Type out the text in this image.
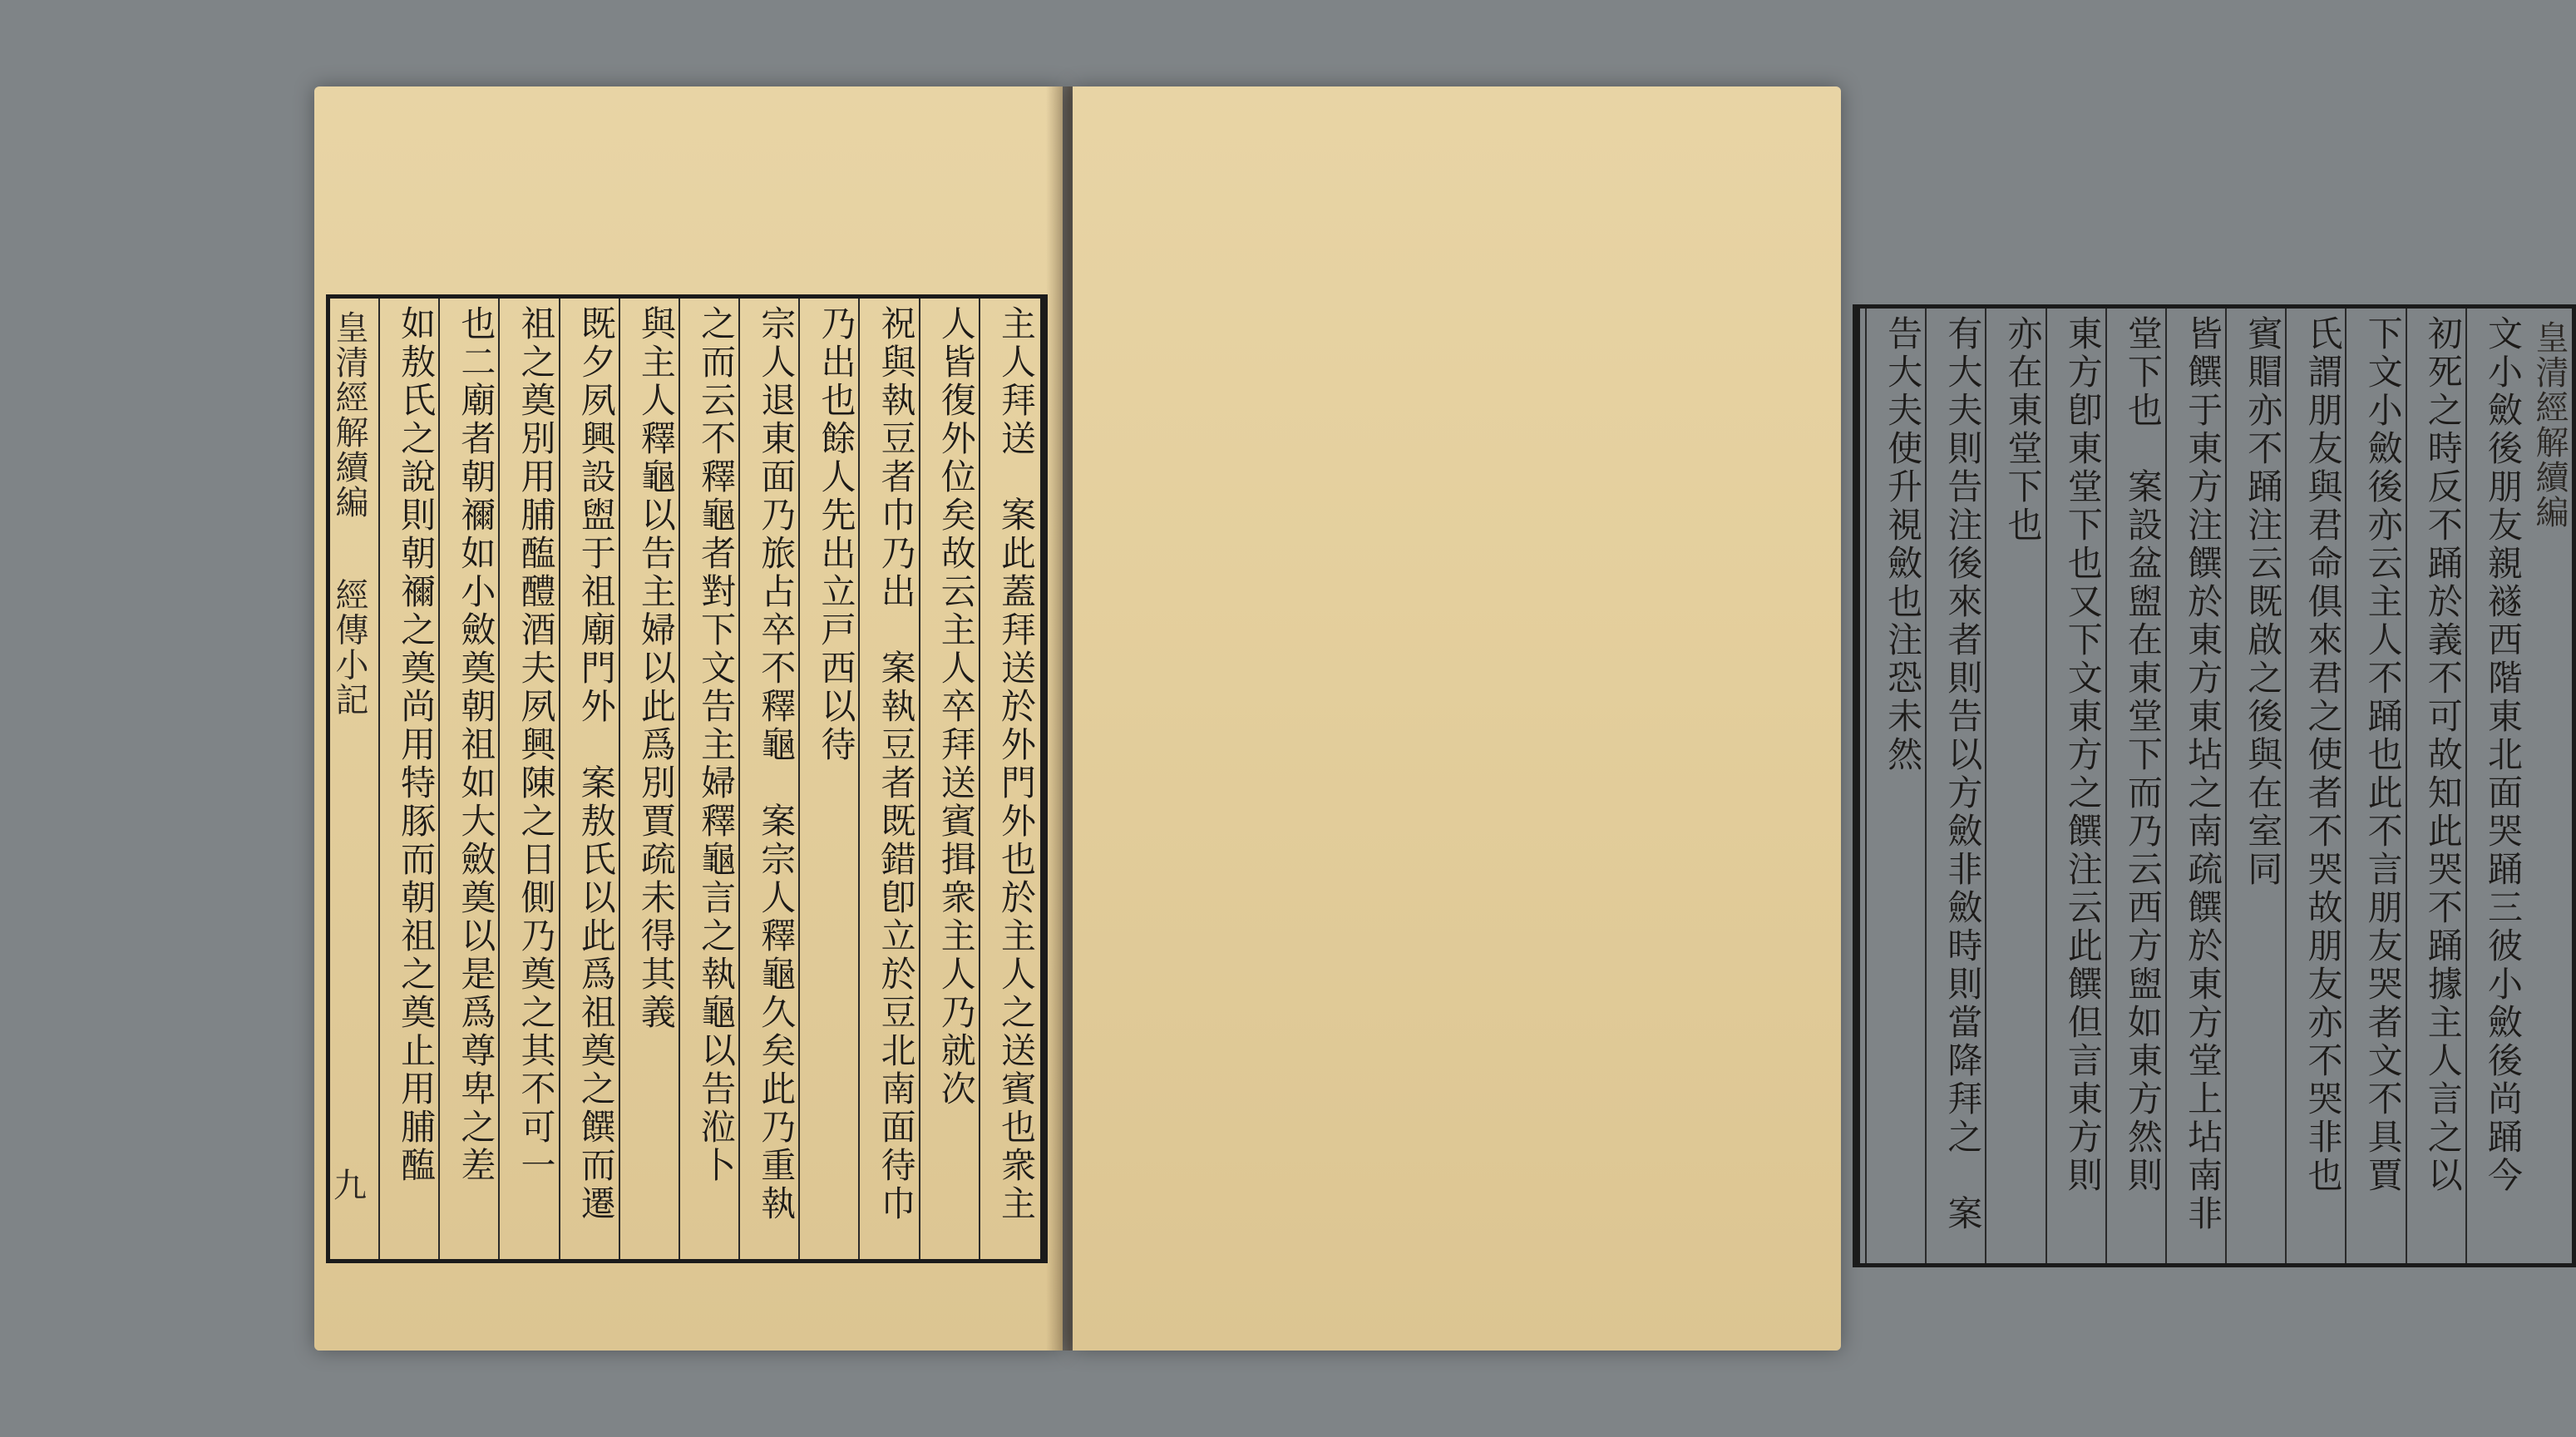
皇清經解續編  經傳小記
九	主人拜送　案此蓋拜送於外門外也於主人之送賓也衆主
人皆復外位矣故云主人卒拜送賓揖衆主人乃就次
祝與執豆者巾乃出　案執豆者既錯卽立於豆北南面待巾
乃出也餘人先出立戸西以待
宗人退東面乃旅占卒不釋龜　案宗人釋龜久矣此乃重執
之而云不釋龜者對下文告主婦釋龜言之執龜以告涖卜
與主人釋龜以告主婦以此爲別賈疏未得其義
既夕夙興設盥于祖廟門外　案敖氏以此爲祖奠之饌而遷
祖之奠別用脯醢醴酒夫夙興陳之日側乃奠之其不可一
也二廟者朝禰如小斂奠朝祖如大斂奠以是爲尊卑之差
如敖氏之說則朝禰之奠尚用特豚而朝祖之奠止用脯醢	皇清經解續編
文小斂後朋友親襚西階東北面哭踊三彼小斂後尚踊今
初死之時反不踊於義不可故知此哭不踊據主人言之以
下文小斂後亦云主人不踊也此不言朋友哭者文不具賈
氏謂朋友與君命俱來君之使者不哭故朋友亦不哭非也
賓賵亦不踊注云既啟之後與在室同
皆饌于東方注饌於東方東坫之南疏饌於東方堂上坫南非
堂下也　案設盆盥在東堂下而乃云西方盥如東方然則
東方卽東堂下也又下文東方之饌注云此饌但言東方則
亦在東堂下也
有大夫則告注後來者則告以方斂非斂時則當降拜之　案
告大夫使升視斂也注恐未然
